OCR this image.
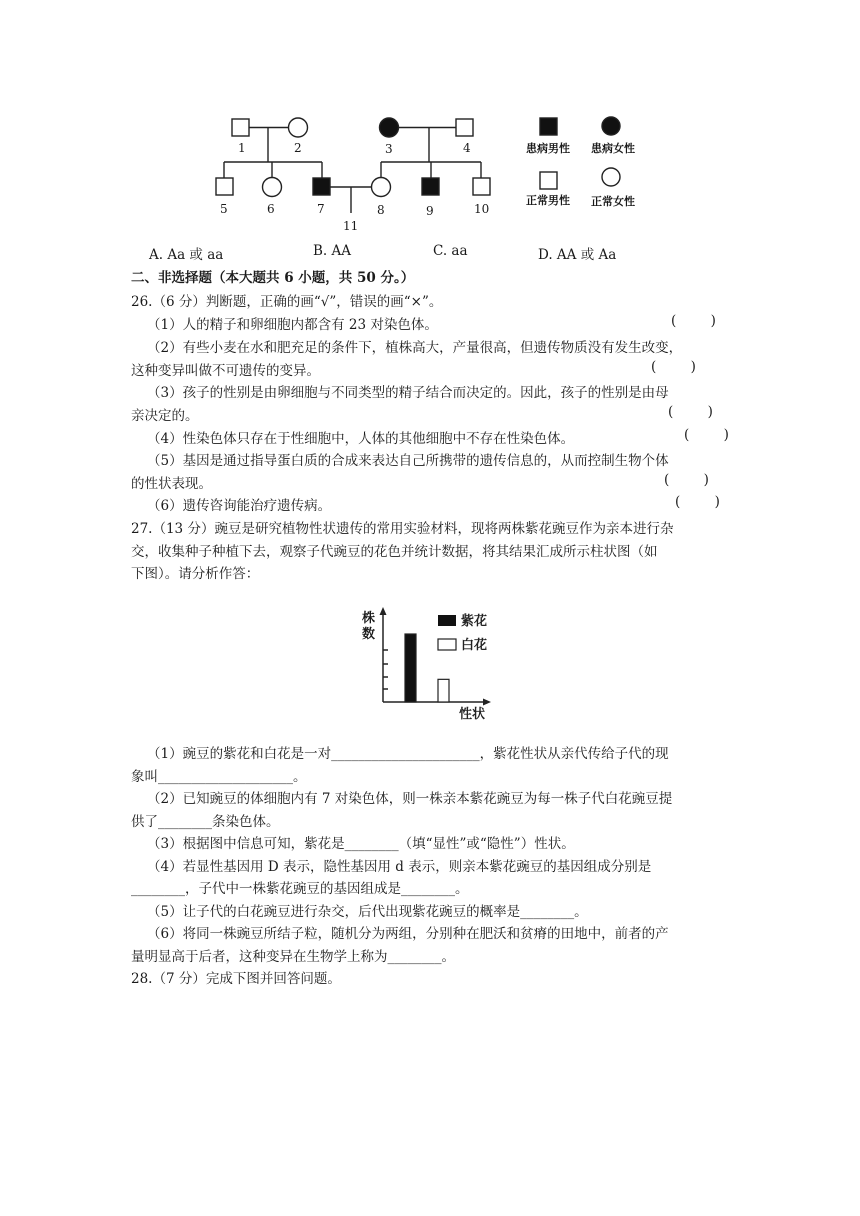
1	2	3	4
5	6	7	8	9	10
11
患病男性 患病女性
正常男性 正常女性
A. Aa 或 aa	B. AA	C. aa	D. AA 或 Aa
二、非选择题（本大题共 6 小题，共 50 分。）
26.（6 分）判断题，正确的画“√”，错误的画“×”。
（1）人的精子和卵细胞内都含有 23 对染色体。	(        )
（2）有些小麦在水和肥充足的条件下，植株高大，产量很高，但遗传物质没有发生改变，
这种变异叫做不可遗传的变异。	(        )
（3）孩子的性别是由卵细胞与不同类型的精子结合而决定的。因此，孩子的性别是由母
亲决定的。	(        )
（4）性染色体只存在于性细胞中，人体的其他细胞中不存在性染色体。	(        )
（5）基因是通过指导蛋白质的合成来表达自己所携带的遗传信息的，从而控制生物个体
的性状表现。	(        )
（6）遗传咨询能治疗遗传病。	(        )
27.（13 分）豌豆是研究植物性状遗传的常用实验材料，现将两株紫花豌豆作为亲本进行杂
交，收集种子种植下去，观察子代豌豆的花色并统计数据，将其结果汇成所示柱状图（如
下图）。请分析作答：
紫花
白花
性状
株数
（1）豌豆的紫花和白花是一对______________________，紫花性状从亲代传给子代的现
象叫____________________。
（2）已知豌豆的体细胞内有 7 对染色体，则一株亲本紫花豌豆为每一株子代白花豌豆提
供了________条染色体。
（3）根据图中信息可知，紫花是________（填“显性”或“隐性”）性状。
（4）若显性基因用 D 表示，隐性基因用 d 表示，则亲本紫花豌豆的基因组成分别是
________，子代中一株紫花豌豆的基因组成是________。
（5）让子代的白花豌豆进行杂交，后代出现紫花豌豆的概率是________。
（6）将同一株豌豆所结子粒，随机分为两组，分别种在肥沃和贫瘠的田地中，前者的产
量明显高于后者，这种变异在生物学上称为________。
28.（7 分）完成下图并回答问题。
